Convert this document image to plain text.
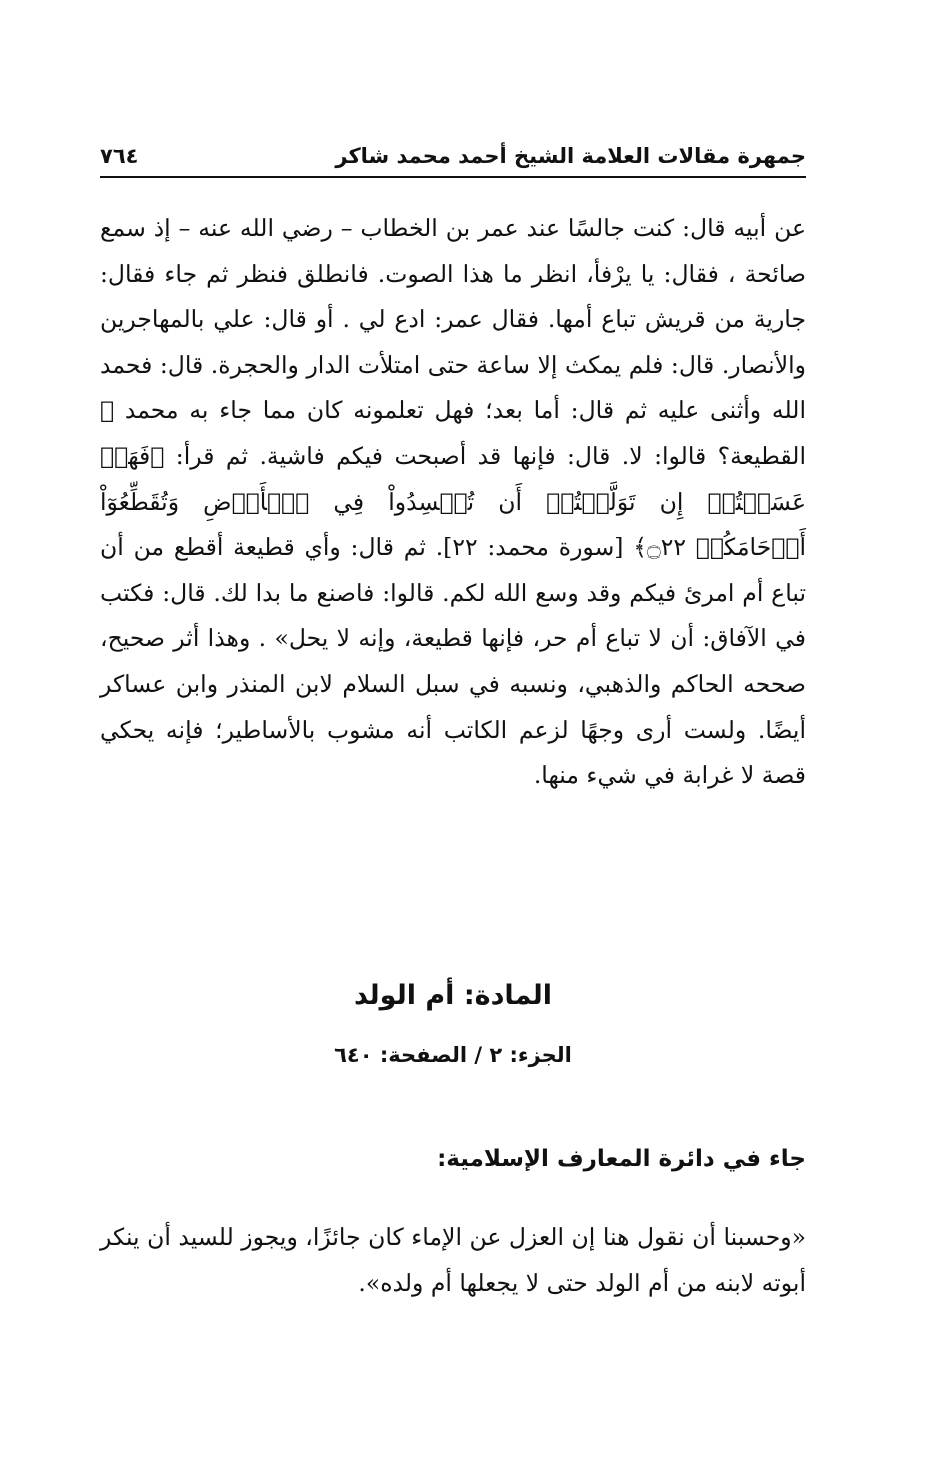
جمهرة مقالات العلامة الشيخ أحمد محمد شاكر
٧٦٤

عن أبيه قال: كنت جالسًا عند عمر بن الخطاب – رضي الله عنه – إذ سمع صائحة ، فقال: يا يرْفأ، انظر ما هذا الصوت. فانطلق فنظر ثم جاء فقال: جارية من قريش تباع أمها. فقال عمر: ادع لي . أو قال: علي بالمهاجرين والأنصار. قال: فلم يمكث إلا ساعة حتى امتلأت الدار والحجرة. قال: فحمد الله وأثنى عليه ثم قال: أما بعد؛ فهل تعلمونه كان مما جاء به محمد ﷺ القطيعة؟ قالوا: لا. قال: فإنها قد أصبحت فيكم فاشية. ثم قرأ: ﴿فَهَلۡ عَسَيۡتُمۡ إِن تَوَلَّيۡتُمۡ أَن تُفۡسِدُواْ فِي ٱلۡأَرۡضِ وَتُقَطِّعُوٓاْ أَرۡحَامَكُمۡ ۝٢٢﴾ [سورة محمد: ٢٢]. ثم قال: وأي قطيعة أقطع من أن تباع أم امرئ فيكم وقد وسع الله لكم. قالوا: فاصنع ما بدا لك. قال: فكتب في الآفاق: أن لا تباع أم حر، فإنها قطيعة، وإنه لا يحل» . وهذا أثر صحيح، صححه الحاكم والذهبي، ونسبه في سبل السلام لابن المنذر وابن عساكر أيضًا. ولست أرى وجهًا لزعم الكاتب أنه مشوب بالأساطير؛ فإنه يحكي قصة لا غرابة في شيء منها.

المادة: أم الولد
الجزء: ٢ / الصفحة: ٦٤٠
جاء في دائرة المعارف الإسلامية:

«وحسبنا أن نقول هنا إن العزل عن الإماء كان جائزًا، ويجوز للسيد أن ينكر أبوته لابنه من أم الولد حتى لا يجعلها أم ولده».
